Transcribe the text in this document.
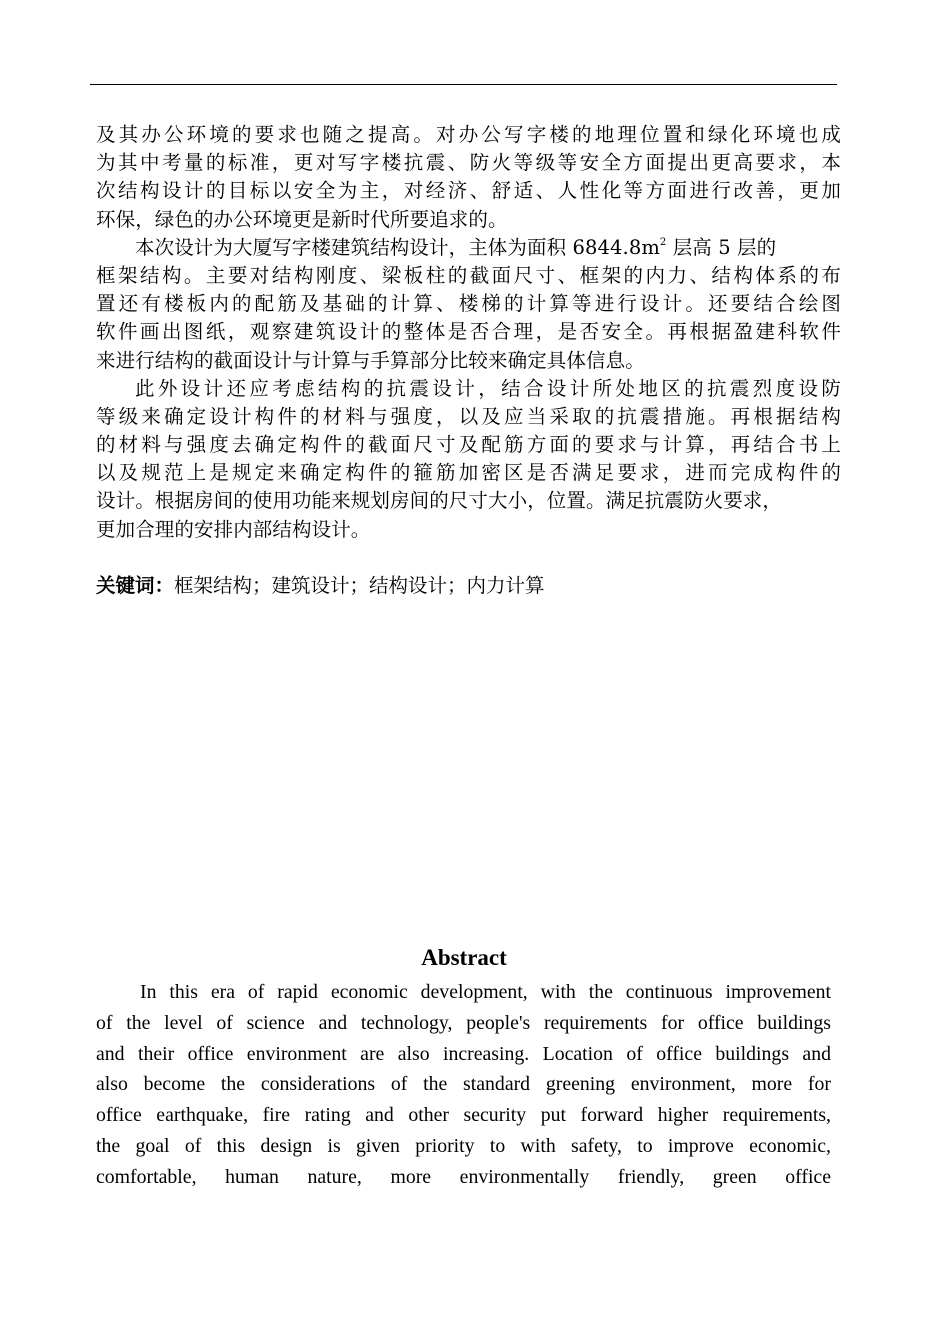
及其办公环境的要求也随之提高。对办公写字楼的地理位置和绿化环境也成
为其中考量的标准，更对写字楼抗震、防火等级等安全方面提出更高要求，本
次结构设计的目标以安全为主，对经济、舒适、人性化等方面进行改善，更加
环保，绿色的办公环境更是新时代所要追求的。
本次设计为大厦写字楼建筑结构设计，主体为面积 $6844.8m^2$ 层高 5 层的
框架结构。主要对结构刚度、梁板柱的截面尺寸、框架的内力、结构体系的布
置还有楼板内的配筋及基础的计算、楼梯的计算等进行设计。还要结合绘图
软件画出图纸，观察建筑设计的整体是否合理，是否安全。再根据盈建科软件
来进行结构的截面设计与计算与手算部分比较来确定具体信息。
此外设计还应考虑结构的抗震设计，结合设计所处地区的抗震烈度设防
等级来确定设计构件的材料与强度，以及应当采取的抗震措施。再根据结构
的材料与强度去确定构件的截面尺寸及配筋方面的要求与计算，再结合书上
以及规范上是规定来确定构件的箍筋加密区是否满足要求，进而完成构件的
设计。根据房间的使用功能来规划房间的尺寸大小，位置。满足抗震防火要求，
更加合理的安排内部结构设计。
关键词：框架结构；建筑设计；结构设计；内力计算
Abstract
In this era of rapid economic development, with the continuous improvement
of the level of science and technology, people's requirements for office buildings
and their office environment are also increasing. Location of office buildings and
also become the considerations of the standard greening environment, more for
office earthquake, fire rating and other security put forward higher requirements,
the goal of this design is given priority to with safety, to improve economic,
comfortable, human nature, more environmentally friendly, green office
